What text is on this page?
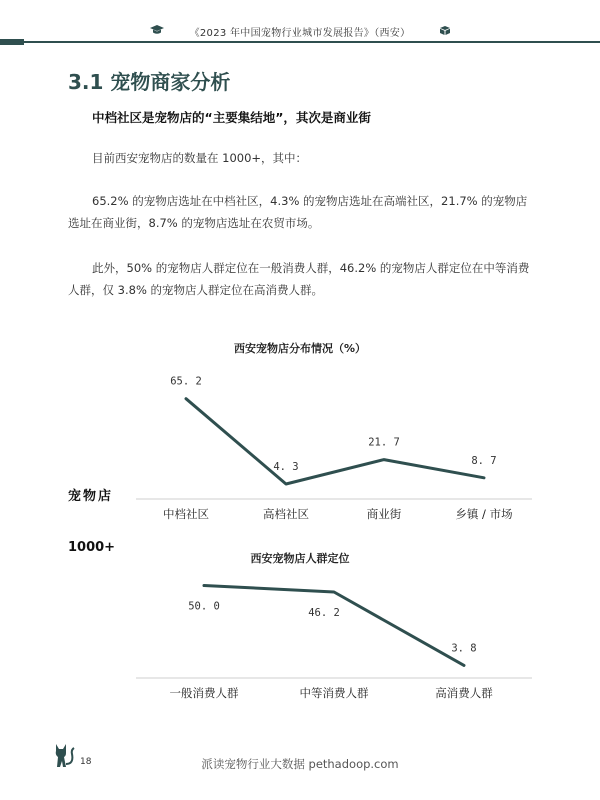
《2023 年中国宠物行业城市发展报告》（西安）
3.1 宠物商家分析
中档社区是宠物店的“主要集结地”，其次是商业街
目前西安宠物店的数量在 1000+，其中：
65.2% 的宠物店选址在中档社区，4.3% 的宠物店选址在高端社区，21.7% 的宠物店选址在商业街，8.7% 的宠物店选址在农贸市场。
此外，50% 的宠物店人群定位在一般消费人群，46.2% 的宠物店人群定位在中等消费人群，仅 3.8% 的宠物店人群定位在高消费人群。
宠物店
1000+
西安宠物店分布情况（%）
65. 2
4. 3
21. 7
8. 7
中档社区	高档社区	商业街	乡镇 / 市场
西安宠物店人群定位
50. 0
46. 2
3. 8
一般消费人群	中等消费人群	高消费人群
18	派读宠物行业大数据 pethadoop.com
